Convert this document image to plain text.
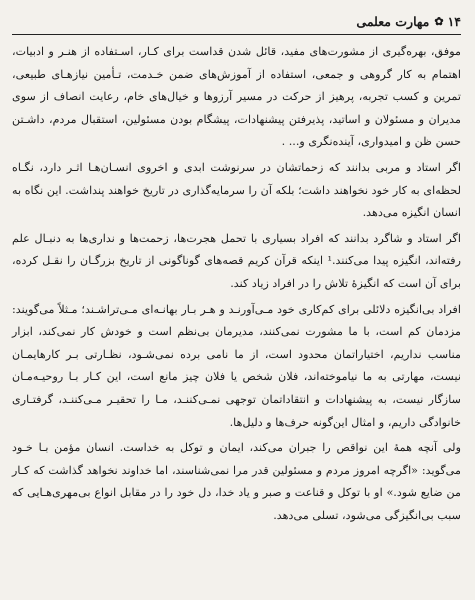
۱۴
✿
مهارت معلمی

موفق، بهره‌گیری از مشورت‌های مفید، قائل شدن قداست برای کـار، اسـتفاده از هنـر و ادبیات، اهتمام به کار گروهی و جمعی، استفاده از آموزش‌های ضمن خـدمت، تـأمین نیازهـای طبیعی، تمرین و کسب تجربه، پرهیز از حرکت در مسیر آرزوها و خیال‌های خام، رعایت انصاف از سوی مدیران و مسئولان و اساتید، پذیرفتن پیشنهادات، پیشگام بودن مسئولین، استقبال مردم، داشـتن حسن ظن و امیدواری، آینده‌نگری و... .

اگر استاد و مربی بدانند که زحماتشان در سرنوشت ابدی و اخروی انسـان‌هـا اثـر دارد، نگـاه لحظه‌ای به کار خود نخواهند داشت؛ بلکه آن را سرمایه‌گذاری در تاریخ خواهند پنداشت. این نگاه به انسان انگیزه می‌دهد.

اگر استاد و شاگرد بدانند که افراد بسیاری با تحمل هجرت‌ها، زحمت‌ها و نداری‌ها به دنبـال علم رفته‌اند، انگیزه پیدا می‌کنند.¹ اینکه قرآن کریم قصه‌های گوناگونی از تاریخ بزرگـان را نقـل کرده، برای آن است که انگیزهٔ تلاش را در افراد زیاد کند.

افراد بی‌انگیزه دلائلی برای کم‌کاری خود مـی‌آورنـد و هـر بـار بهانـه‌ای مـی‌تراشـند؛ مـثلاً می‌گویند: مزدمان کم است، با ما مشورت نمی‌کنند، مدیرمان بی‌نظم است و خودش کار نمی‌کند، ابزار مناسب نداریم، اختیاراتمان محدود است، از ما نامی برده نمی‌شـود، نظـارتی بـر کارهایمـان نیست، مهارتی به ما نیاموخته‌اند، فلان شخص یا فلان چیز مانع است، این کـار بـا روحیـه‌مـان سازگار نیست، به پیشنهادات و انتقاداتمان توجهی نمـی‌کننـد، مـا را تحقیـر مـی‌کننـد، گرفتـاری خانوادگی داریم، و امثال این‌گونه حرف‌ها و دلیل‌ها.

ولی آنچه همهٔ این نواقص را جبران می‌کند، ایمان و توکل به خداست. انسان مؤمن بـا خـود می‌گوید: «اگرچه امروز مردم و مسئولین قدر مرا نمی‌شناسند، اما خداوند نخواهد گذاشت که کـار من ضایع شود.» او با توکل و قناعت و صبر و یاد خدا، دل خود را در مقابل انواع بی‌مهری‌هـایی که سبب بی‌انگیزگی می‌شود، تسلی می‌دهد.
